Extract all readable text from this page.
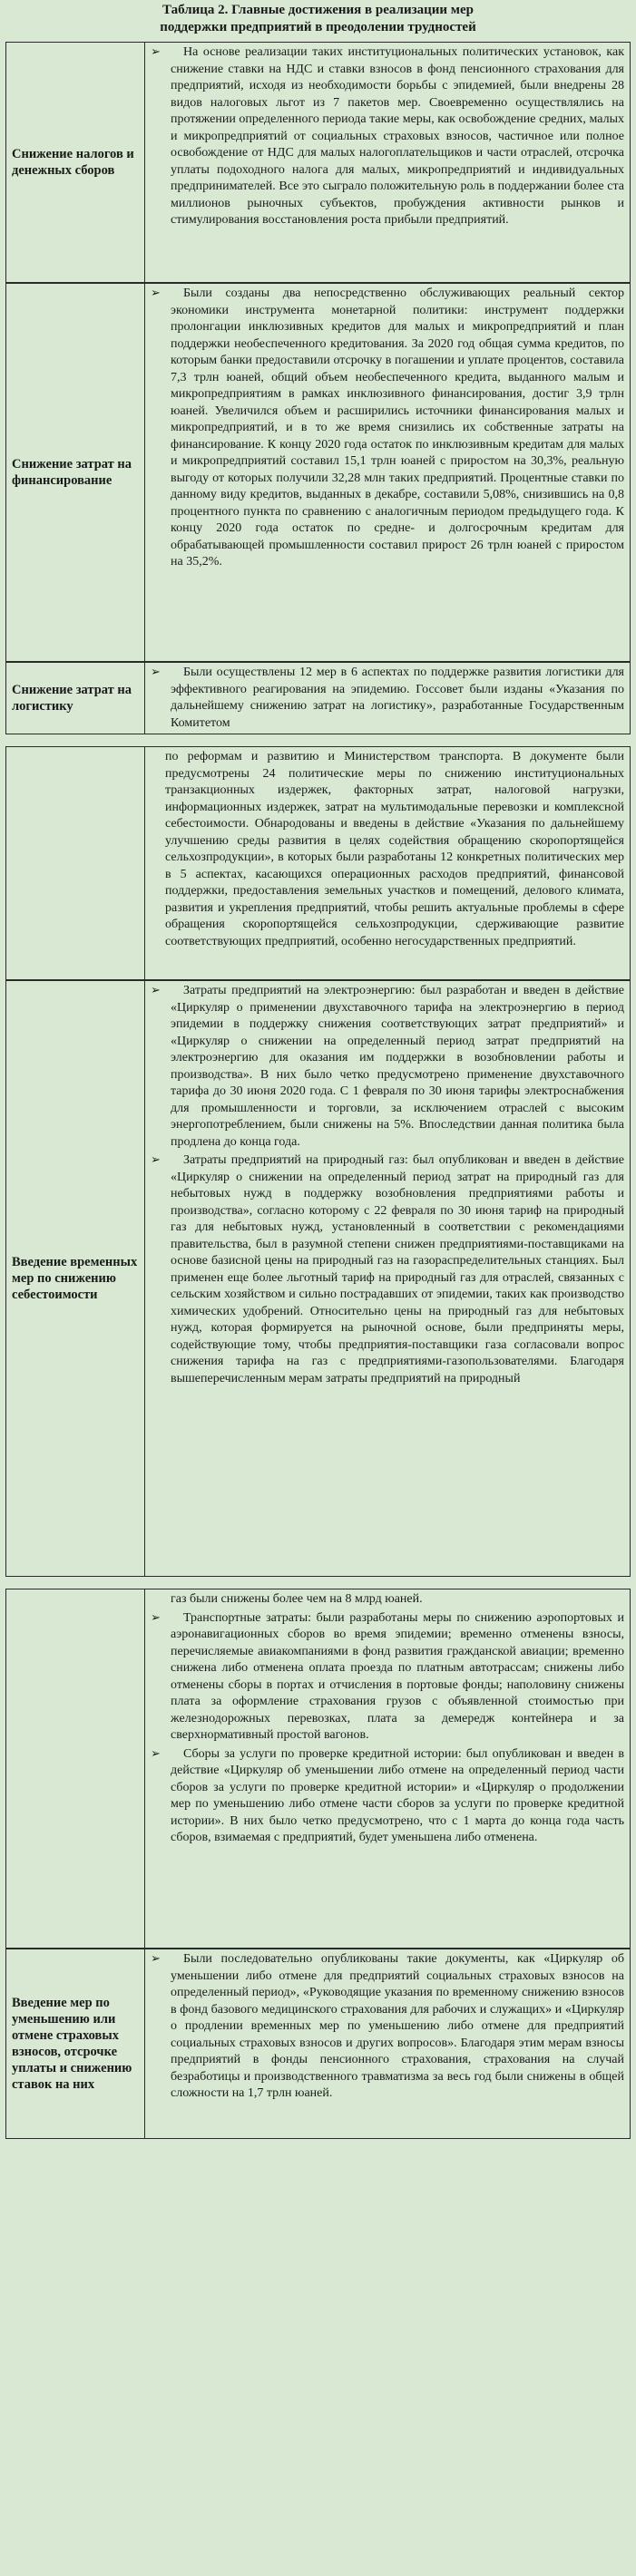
Таблица 2. Главные достижения в реализации мер
поддержки предприятий в преодолении трудностей
Снижение налогов и денежных сборов
➢	На основе реализации таких институциональных политических установок, как снижение ставки на НДС и ставки взносов в фонд пенсионного страхования для предприятий, исходя из необходимости борьбы с эпидемией, были внедрены 28 видов налоговых льгот из 7 пакетов мер. Своевременно осуществлялись на протяжении определенного периода такие меры, как освобождение средних, малых и микропредприятий от социальных страховых взносов, частичное или полное освобождение от НДС для малых налогоплательщиков и части отраслей, отсрочка уплаты подоходного налога для малых, микропредприятий и индивидуальных предпринимателей. Все это сыграло положительную роль в поддержании более ста миллионов рыночных субъектов, пробуждения активности рынков и стимулирования восстановления роста прибыли предприятий.
Снижение затрат на финансирование
➢	Были созданы два непосредственно обслуживающих реальный сектор экономики инструмента монетарной политики: инструмент поддержки пролонгации инклюзивных кредитов для малых и микропредприятий и план поддержки необеспеченного кредитования. За 2020 год общая сумма кредитов, по которым банки предоставили отсрочку в погашении и уплате процентов, составила 7,3 трлн юаней, общий объем необеспеченного кредита, выданного малым и микропредприятиям в рамках инклюзивного финансирования, достиг 3,9 трлн юаней. Увеличился объем и расширились источники финансирования малых и микропредприятий, и в то же время снизились их собственные затраты на финансирование. К концу 2020 года остаток по инклюзивным кредитам для малых и микропредприятий составил 15,1 трлн юаней с приростом на 30,3%, реальную выгоду от которых получили 32,28 млн таких предприятий. Процентные ставки по данному виду кредитов, выданных в декабре, составили 5,08%, снизившись на 0,8 процентного пункта по сравнению с аналогичным периодом предыдущего года. К концу 2020 года остаток по средне- и долгосрочным кредитам для обрабатывающей промышленности составил прирост 26 трлн юаней с приростом на 35,2%.
Снижение затрат на логистику
➢	Были осуществлены 12 мер в 6 аспектах по поддержке развития логистики для эффективного реагирования на эпидемию. Госсовет были изданы «Указания по дальнейшему снижению затрат на логистику», разработанные Государственным Комитетом
по реформам и развитию и Министерством транспорта. В документе были предусмотрены 24 политические меры по снижению институциональных транзакционных издержек, факторных затрат, налоговой нагрузки, информационных издержек, затрат на мультимодальные перевозки и комплексной себестоимости. Обнародованы и введены в действие «Указания по дальнейшему улучшению среды развития в целях содействия обращению скоропортящейся сельхозпродукции», в которых были разработаны 12 конкретных политических мер в 5 аспектах, касающихся операционных расходов предприятий, финансовой поддержки, предоставления земельных участков и помещений, делового климата, развития и укрепления предприятий, чтобы решить актуальные проблемы в сфере обращения скоропортящейся сельхозпродукции, сдерживающие развитие соответствующих предприятий, особенно негосударственных предприятий.
Введение временных мер по снижению себестоимости
➢	Затраты предприятий на электроэнергию: был разработан и введен в действие «Циркуляр о применении двухставочного тарифа на электроэнергию в период эпидемии в поддержку снижения соответствующих затрат предприятий» и «Циркуляр о снижении на определенный период затрат предприятий на электроэнергию для оказания им поддержки в возобновлении работы и производства». В них было четко предусмотрено применение двухставочного тарифа до 30 июня 2020 года. С 1 февраля по 30 июня тарифы электроснабжения для промышленности и торговли, за исключением отраслей с высоким энергопотреблением, были снижены на 5%. Впоследствии данная политика была продлена до конца года.
➢	Затраты предприятий на природный газ: был опубликован и введен в действие «Циркуляр о снижении на определенный период затрат на природный газ для небытовых нужд в поддержку возобновления предприятиями работы и производства», согласно которому с 22 февраля по 30 июня тариф на природный газ для небытовых нужд, установленный в соответствии с рекомендациями правительства, был в разумной степени снижен предприятиями-поставщиками на основе базисной цены на природный газ на газораспределительных станциях. Был применен еще более льготный тариф на природный газ для отраслей, связанных с сельским хозяйством и сильно пострадавших от эпидемии, таких как производство химических удобрений. Относительно цены на природный газ для небытовых нужд, которая формируется на рыночной основе, были предприняты меры, содействующие тому, чтобы предприятия-поставщики газа согласовали вопрос снижения тарифа на газ с предприятиями-газопользователями. Благодаря вышеперечисленным мерам затраты предприятий на природный
газ были снижены более чем на 8 млрд юаней.
➢	Транспортные затраты: были разработаны меры по снижению аэропортовых и аэронавигационных сборов во время эпидемии; временно отменены взносы, перечисляемые авиакомпаниями в фонд развития гражданской авиации; временно снижена либо отменена оплата проезда по платным автотрассам; снижены либо отменены сборы в портах и отчисления в портовые фонды; наполовину снижены плата за оформление страхования грузов с объявленной стоимостью при железнодорожных перевозках, плата за демередж контейнера и за сверхнормативный простой вагонов.
➢	Сборы за услуги по проверке кредитной истории: был опубликован и введен в действие «Циркуляр об уменьшении либо отмене на определенный период части сборов за услуги по проверке кредитной истории» и «Циркуляр о продолжении мер по уменьшению либо отмене части сборов за услуги по проверке кредитной истории». В них было четко предусмотрено, что с 1 марта до конца года часть сборов, взимаемая с предприятий, будет уменьшена либо отменена.
Введение мер по уменьшению или отмене страховых взносов, отсрочке уплаты и снижению ставок на них
➢	Были последовательно опубликованы такие документы, как «Циркуляр об уменьшении либо отмене для предприятий социальных страховых взносов на определенный период», «Руководящие указания по временному снижению взносов в фонд базового медицинского страхования для рабочих и служащих» и «Циркуляр о продлении временных мер по уменьшению либо отмене для предприятий социальных страховых взносов и других вопросов». Благодаря этим мерам взносы предприятий в фонды пенсионного страхования, страхования на случай безработицы и производственного травматизма за весь год были снижены в общей сложности на 1,7 трлн юаней.
